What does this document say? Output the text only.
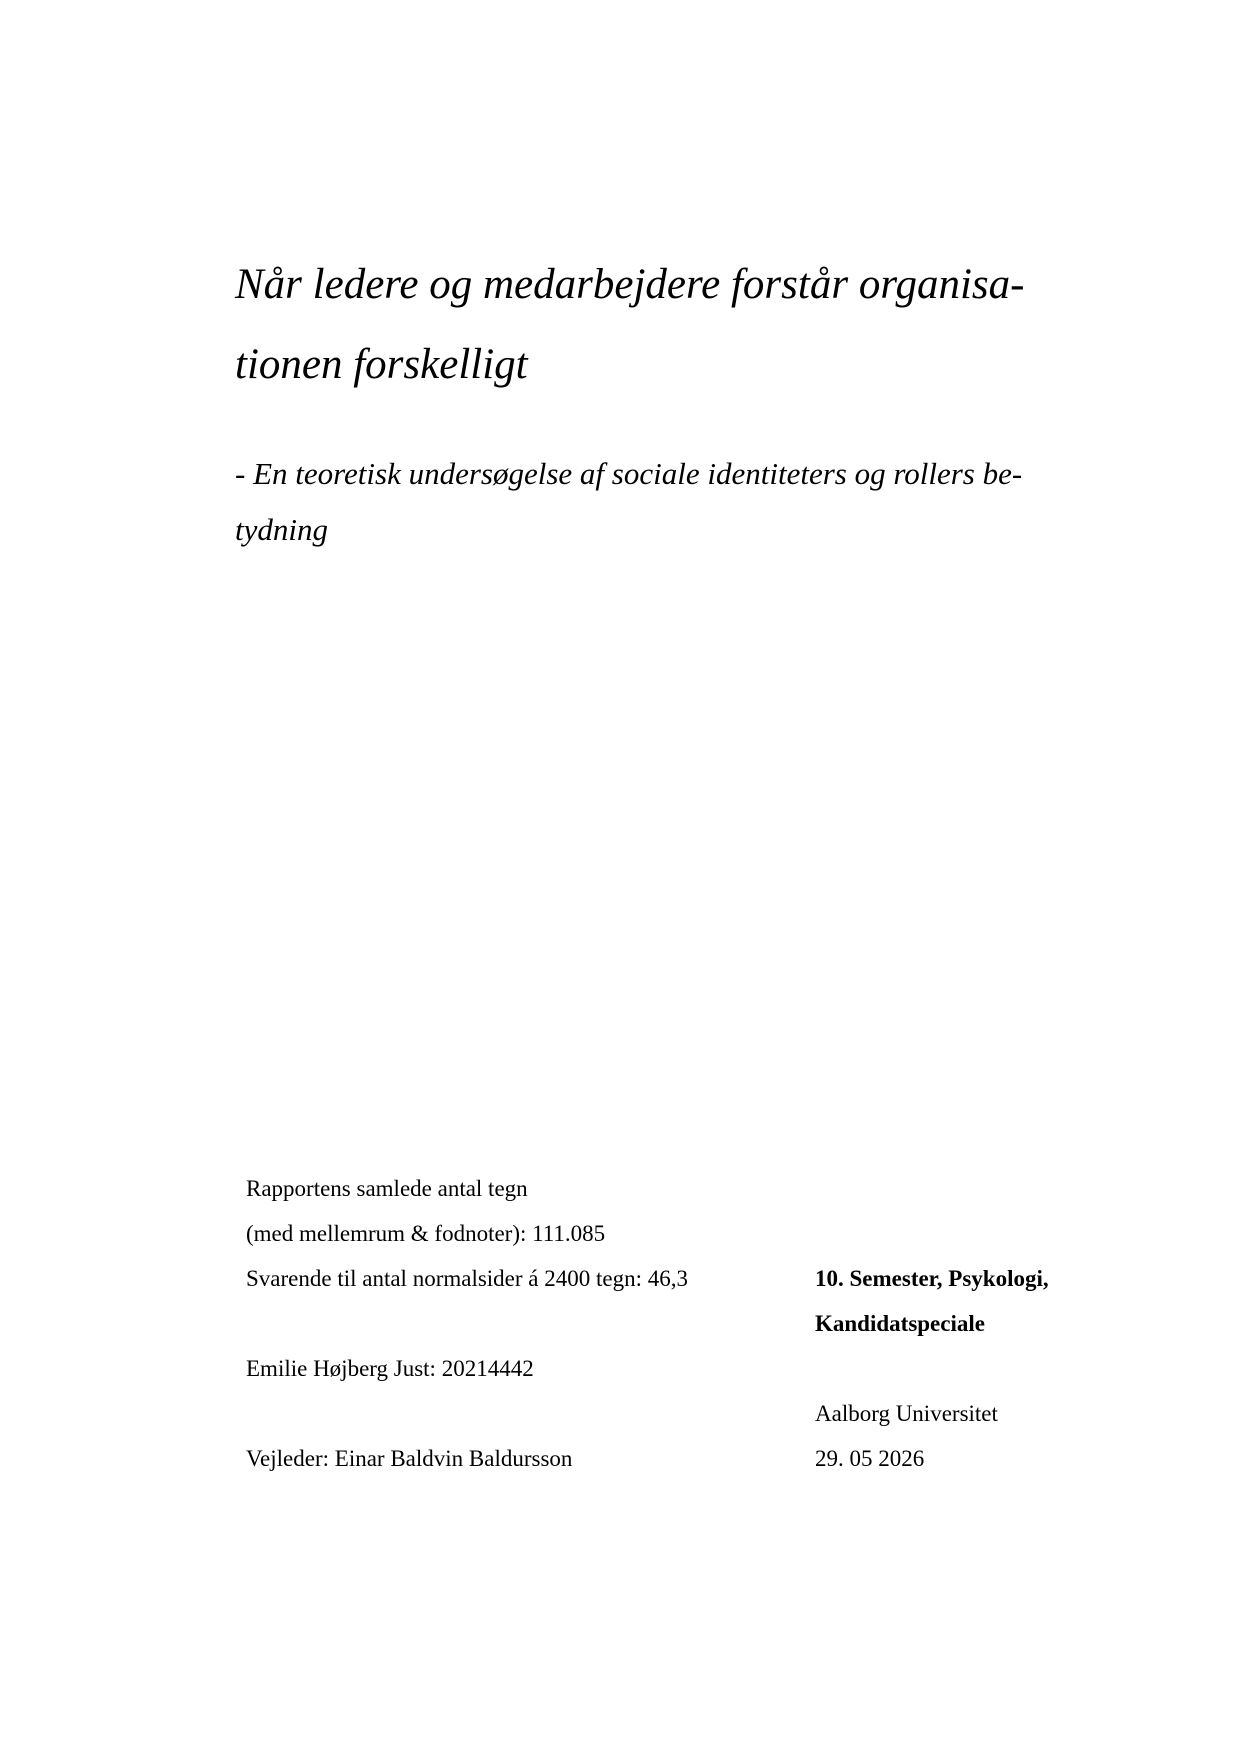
Når ledere og medarbejdere forstår organisa-

tionen forskelligt

- En teoretisk undersøgelse af sociale identiteters og rollers be-

tydning

Rapportens samlede antal tegn

(med mellemrum & fodnoter): 111.085

Svarende til antal normalsider á 2400 tegn: 46,3

Emilie Højberg Just: 20214442

Vejleder: Einar Baldvin Baldursson

10. Semester, Psykologi,

Kandidatspeciale

Aalborg Universitet

29. 05 2026
